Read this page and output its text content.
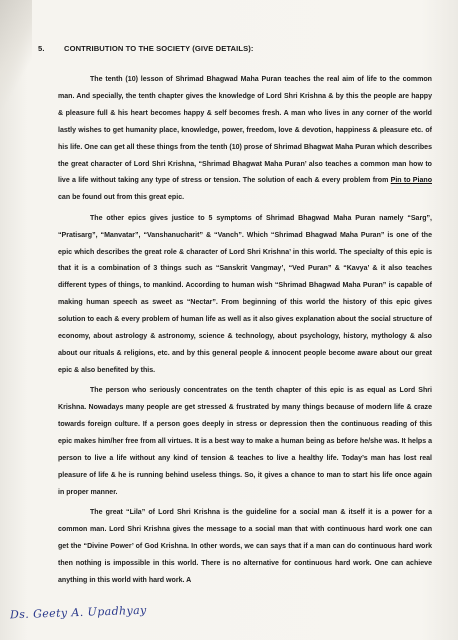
5.	CONTRIBUTION TO THE SOCIETY (GIVE DETAILS):

The tenth (10) lesson of Shrimad Bhagwad Maha Puran teaches the real aim of life to the common man. And specially, the tenth chapter gives the knowledge of Lord Shri Krishna & by this the people are happy & pleasure full & his heart becomes happy & self becomes fresh. A man who lives in any corner of the world lastly wishes to get humanity place, knowledge, power, freedom, love & devotion, happiness & pleasure etc. of his life. One can get all these things from the tenth (10) prose of Shrimad Bhagwat Maha Puran which describes the great character of Lord Shri Krishna, “Shrimad Bhagwat Maha Puran’ also teaches a common man how to live a life without taking any type of stress or tension. The solution of each & every problem from Pin to Piano can be found out from this great epic.

The other epics gives justice to 5 symptoms of Shrimad Bhagwad Maha Puran namely “Sarg”, “Pratisarg”, “Manvatar”, “Vanshanucharit” & “Vanch”. Which “Shrimad Bhagwad Maha Puran” is one of the epic which describes the great role & character of Lord Shri Krishna’ in this world. The specialty of this epic is that it is a combination of 3 things such as “Sanskrit Vangmay’, “Ved Puran” & “Kavya’ & it also teaches different types of things, to mankind. According to human wish “Shrimad Bhagwad Maha Puran” is capable of making human speech as sweet as “Nectar”. From beginning of this world the history of this epic gives solution to each & every problem of human life as well as it also gives explanation about the social structure of economy, about astrology & astronomy, science & technology, about psychology, history, mythology & also about our rituals & religions, etc. and by this general people & innocent people become aware about our great epic & also benefited by this.

The person who seriously concentrates on the tenth chapter of this epic is as equal as Lord Shri Krishna. Nowadays many people are get stressed & frustrated by many things because of modern life & craze towards foreign culture. If a person goes deeply in stress or depression then the continuous reading of this epic makes him/her free from all virtues. It is a best way to make a human being as before he/she was. It helps a person to live a life without any kind of tension & teaches to live a healthy life. Today’s man has lost real pleasure of life & he is running behind useless things. So, it gives a chance to man to start his life once again in proper manner.

The great “Lila” of Lord Shri Krishna is the guideline for a social man & itself it is a power for a common man. Lord Shri Krishna gives the message to a social man that with continuous hard work one can get the “Divine Power’ of God Krishna. In other words, we can says that if a man can do continuous hard work then nothing is impossible in this world. There is no alternative for continuous hard work. One can achieve anything in this world with hard work. A

Ds. Geety A. Upadhyay
